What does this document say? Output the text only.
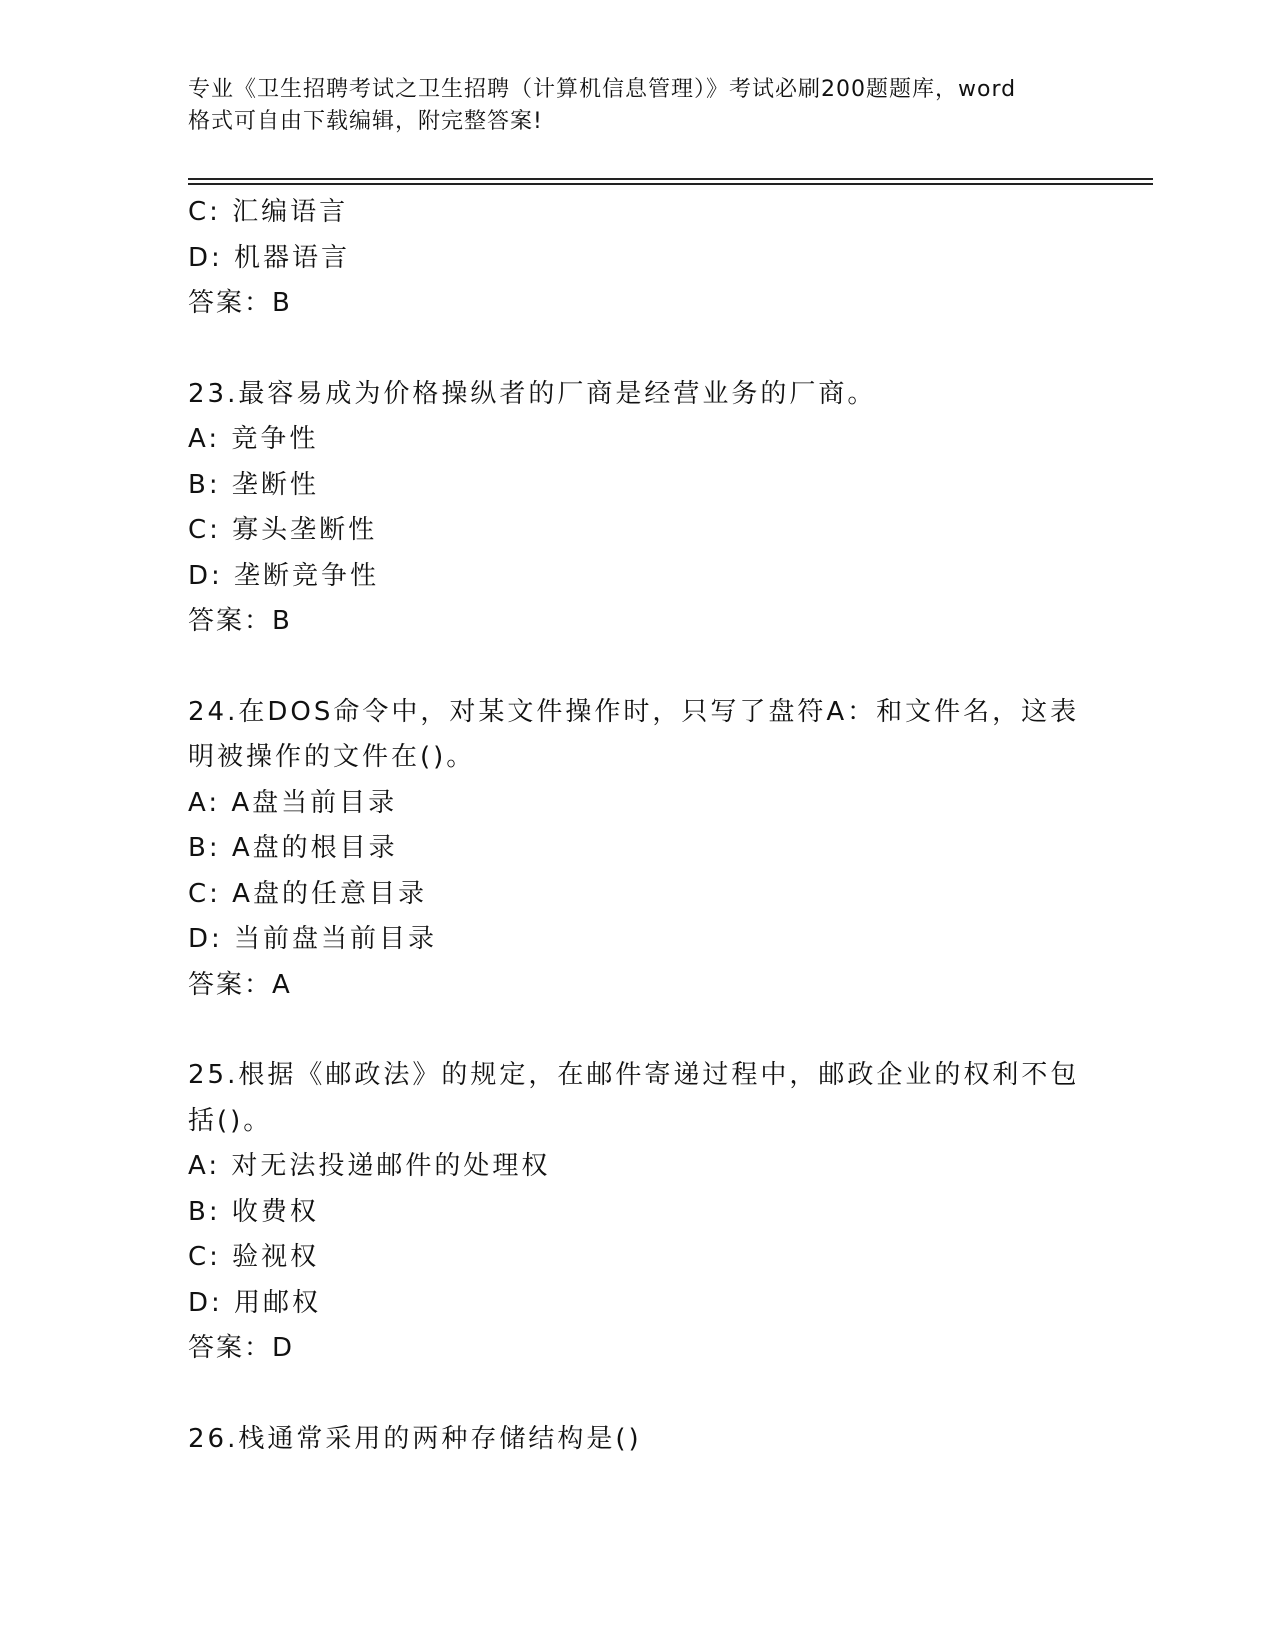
专业《卫生招聘考试之卫生招聘（计算机信息管理）》考试必刷200题题库，word
格式可自由下载编辑，附完整答案!
C: 汇编语言
D: 机器语言
答案：B
23.最容易成为价格操纵者的厂商是经营业务的厂商。
A: 竞争性
B: 垄断性
C: 寡头垄断性
D: 垄断竞争性
答案：B
24.在DOS命令中，对某文件操作时，只写了盘符A：和文件名，这表
明被操作的文件在()。
A: A盘当前目录
B: A盘的根目录
C: A盘的任意目录
D: 当前盘当前目录
答案：A
25.根据《邮政法》的规定，在邮件寄递过程中，邮政企业的权利不包
括()。
A: 对无法投递邮件的处理权
B: 收费权
C: 验视权
D: 用邮权
答案：D
26.栈通常采用的两种存储结构是()
